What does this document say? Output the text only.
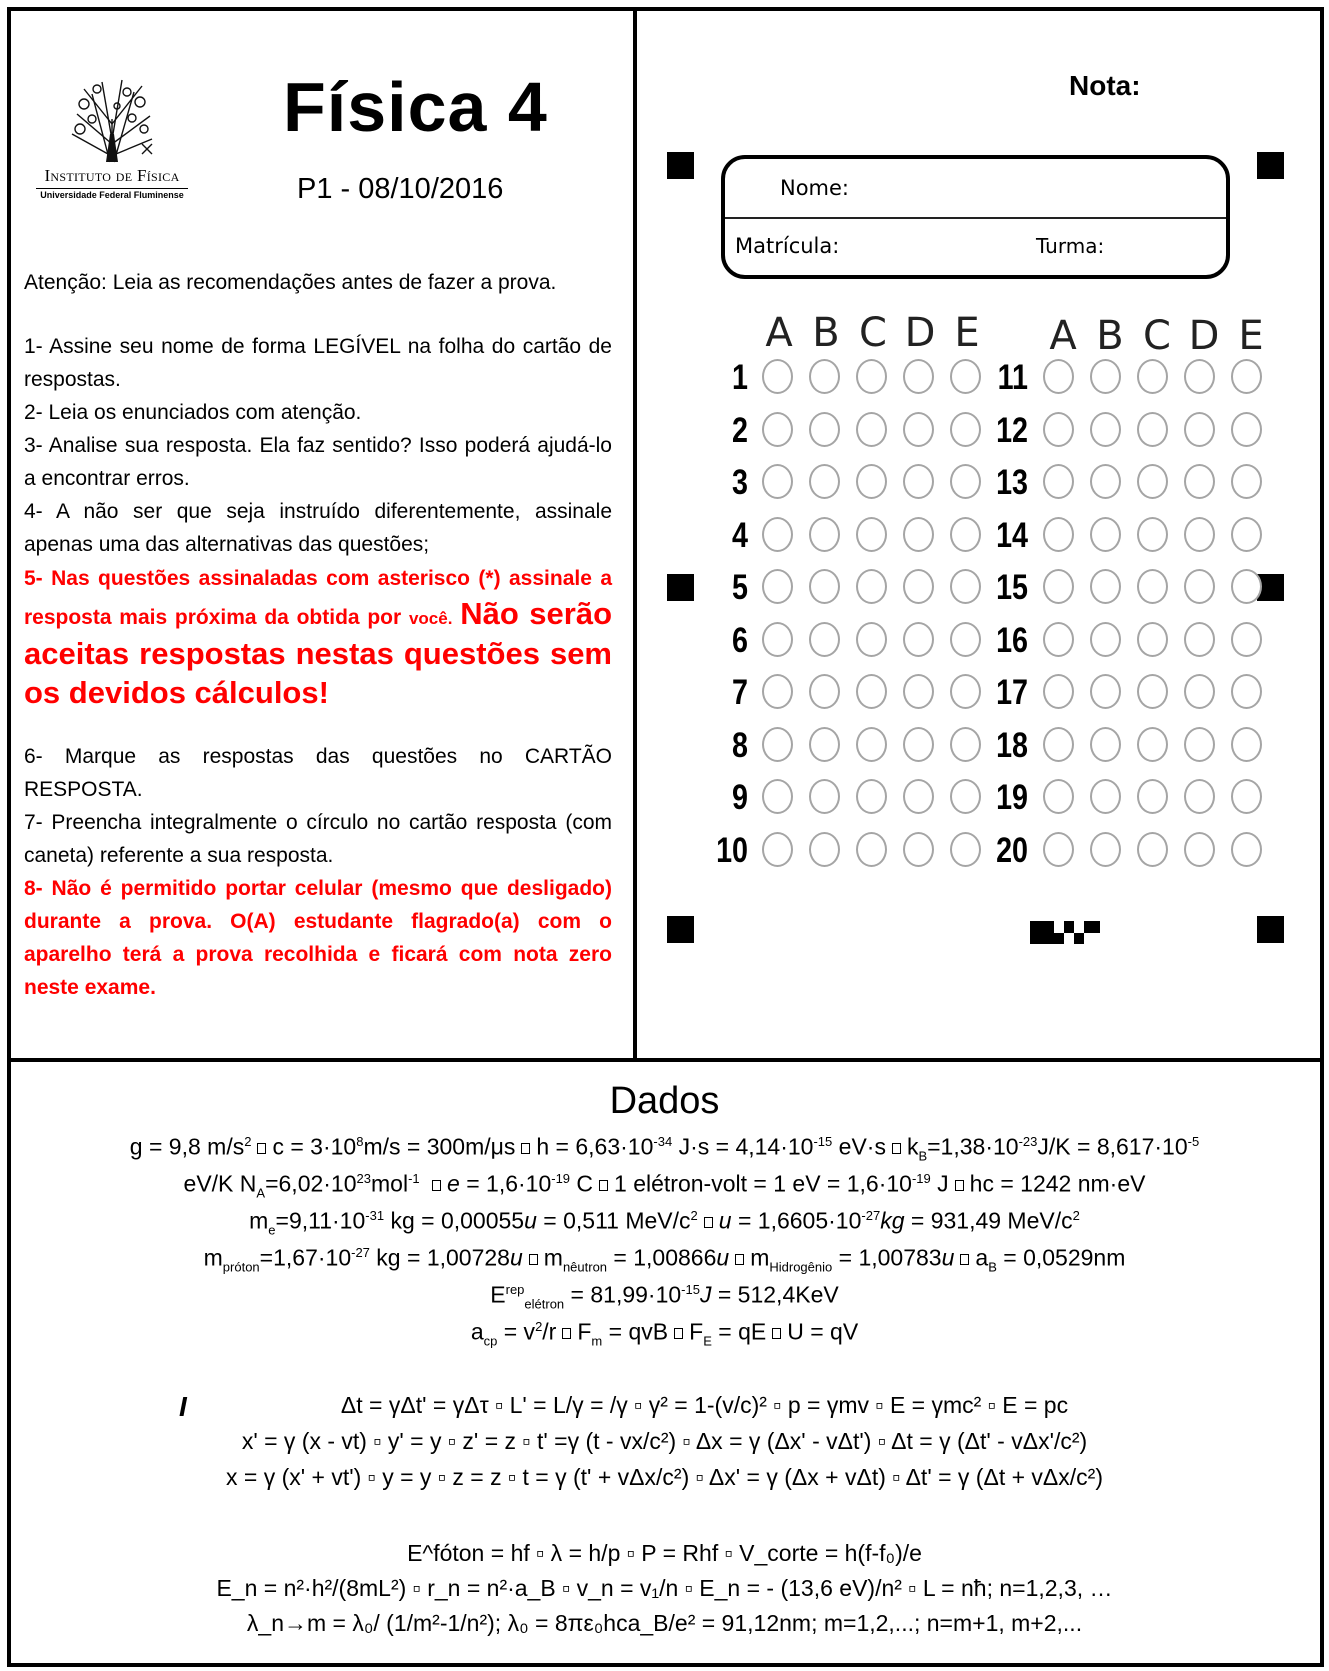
Instituto de Física
Universidade Federal Fluminense
Física 4
P1 - 08/10/2016
Atenção: Leia as recomendações antes de fazer a prova.
1- Assine seu nome de forma LEGÍVEL na folha do cartão de respostas.
2- Leia os enunciados com atenção.
3- Analise sua resposta. Ela faz sentido? Isso poderá ajudá-lo a encontrar erros.
4- A não ser que seja instruído diferentemente, assinale apenas uma das alternativas das questões;
5- Nas questões assinaladas com asterisco (*) assinale a resposta mais próxima da obtida por você. Não serão aceitas respostas nestas questões sem os devidos cálculos!
6- Marque as respostas das questões no CARTÃO RESPOSTA.
7- Preencha integralmente o círculo no cartão resposta (com caneta) referente a sua resposta.
8- Não é permitido portar celular (mesmo que desligado) durante a prova. O(A) estudante flagrado(a) com o aparelho terá a prova recolhida e ficará com nota zero neste exame.
Nota:
Nome:
Matrícula:	Turma:
A B C D E A B C D E
1
2
3
4
5
6
7
8
9
10
11
12
13
14
15
16
17
18
19
20
Dados
g = 9,8 $m/s^2$ $c = 3\cdot 10^8m/s = 300m/\mu s$ $h = 6,63\cdot 10^{-34}$ $J\cdot s = 4,14\cdot 10^{-15}$ eV·s $k_B=1,38\cdot 10^{-23}J/K = 8,617\cdot 10^{-5}$
eV/K $N_A=6,02\cdot 10^{23}mol^{-1}$ $e = 1,6\cdot 10^{-19}$ C 1 elétron-volt = 1 eV = $1,6\cdot 10^{-19}$ J hc = 1242 nm·eV
$m_e=9,11\cdot 10^{-31}$ kg = 0,00055u = 0,511 MeV/$c^2$ $u = 1,6605\cdot 10^{-27}kg = 931,49$ MeV/$c^2$
$m_{próton}=1,67\cdot 10^{-27}$ kg = 1,00728u $m_{nêutron} = 1,00866u$ $m_{Hidrogênio} = 1,00783u$ $a_B = 0,0529nm$
$E^{rep}_{elétron} = 81,99\cdot 10^{-15}J = 512,4KeV$
$a_{cp} = v^2/r$ $F_m$ = qvB $F_E$ = qE U = qV
I	Δt = γΔt' = γΔτ ▫ L' = L/γ = /γ ▫ γ² = 1-(v/c)² ▫ p = γmv ▫ E = γmc² ▫ E = pc
x' = γ (x - vt) ▫ y' = y ▫ z' = z ▫ t' =γ (t - vx/c²) ▫ Δx = γ (Δx' - vΔt') ▫ Δt = γ (Δt' - vΔx'/c²)
x = γ (x' + vt') ▫ y = y ▫ z = z ▫ t = γ (t' + vΔx/c²) ▫ Δx' = γ (Δx + vΔt) ▫ Δt' = γ (Δt + vΔx/c²)
E^fóton = hf ▫ λ = h/p ▫ P = Rhf ▫ V_corte = h(f-f₀)/e
E_n = n²·h²/(8mL²) ▫ r_n = n²·a_B ▫ v_n = v₁/n ▫ E_n = - (13,6 eV)/n² ▫ L = nħ; n=1,2,3, …
λ_n→m = λ₀/ (1/m²-1/n²); λ₀ = 8πε₀hca_B/e² = 91,12nm; m=1,2,...; n=m+1, m+2,...
